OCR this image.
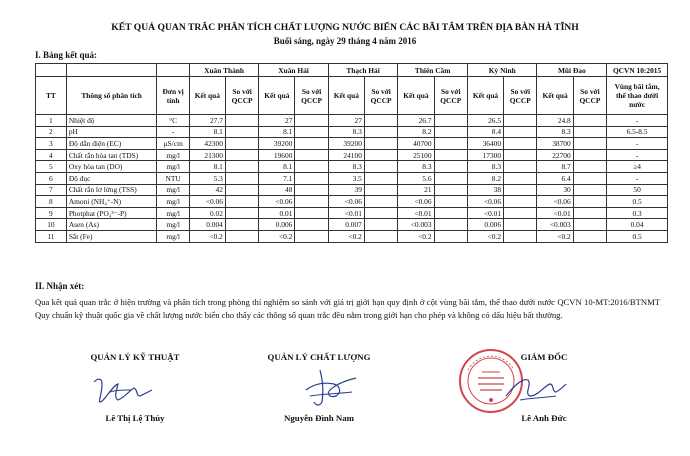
KẾT QUẢ QUAN TRẮC PHÂN TÍCH CHẤT LƯỢNG NƯỚC BIỂN CÁC BÃI TẮM TRÊN ĐỊA BÀN HÀ TĨNH
Buổi sáng, ngày 29 tháng 4 năm 2016
I. Bảng kết quả:
			Xuân Thành		Xuân Hải		Thạch Hải		Thiên Cầm		Kỳ Ninh		Mũi Đao		QCVN 10:2015
TT	Thông số phân tích	Đơn vị tính	Kết quả	So với QCCP	Kết quả	So với QCCP	Kết quả	So với QCCP	Kết quả	So với QCCP	Kết quả	So với QCCP	Kết quả	So với QCCP	Vùng bãi tắm, thể thao dưới nước
1	Nhiệt độ	°C	27.7		27		27		26.7		26.5		24.8		-
2	pH	-	8.1		8.1		8.3		8.2		8.4		8.3		6.5-8.5
3	Độ dẫn điện (EC)	µS/cm	42300		39200		39200		40700		36400		38700		-
4	Chất rắn hòa tan (TDS)	mg/l	21300		19600		24100		25100		17300		22700		-
5	Oxy hòa tan (DO)	mg/l	8.1		8.1		8.3		8.3		8.3		8.7		≥4
6	Độ đục	NTU	5.3		7.1		3.5		5.6		8.2		6.4		-
7	Chất rắn lơ lửng (TSS)	mg/l	42		48		39		21		38		30		50
8	Amoni (NH₄⁺-N)	mg/l	<0.06		<0.06		<0.06		<0.06		<0.06		<0.06		0.5
9	Photphat (PO₄³⁻-P)	mg/l	0.02		0.01		<0.01		<0.01		<0.01		<0.01		0.3
10	Asen (As)	mg/l	0.004		0.006		0.007		<0.003		0.006		<0.003		0.04
11	Sắt (Fe)	mg/l	<0.2		<0.2		<0.2		<0.2		<0.2		<0.2		0.5
II. Nhận xét:
Qua kết quả quan trắc ở hiện trường và phân tích trong phòng thí nghiệm so sánh với giá trị giới hạn quy định ở cột vùng bãi tắm, thể thao dưới nước QCVN 10-MT:2016/BTNMT Quy chuẩn kỹ thuật quốc gia về chất lượng nước biển cho thấy các thông số quan trắc đều nằm trong giới hạn cho phép và không có dấu hiệu bất thường.
QUẢN LÝ KỸ THUẬT	QUẢN LÝ CHẤT LƯỢNG	GIÁM ĐỐC
Lê Thị Lệ Thúy	Nguyễn Đình Nam	Lê Anh Đức
